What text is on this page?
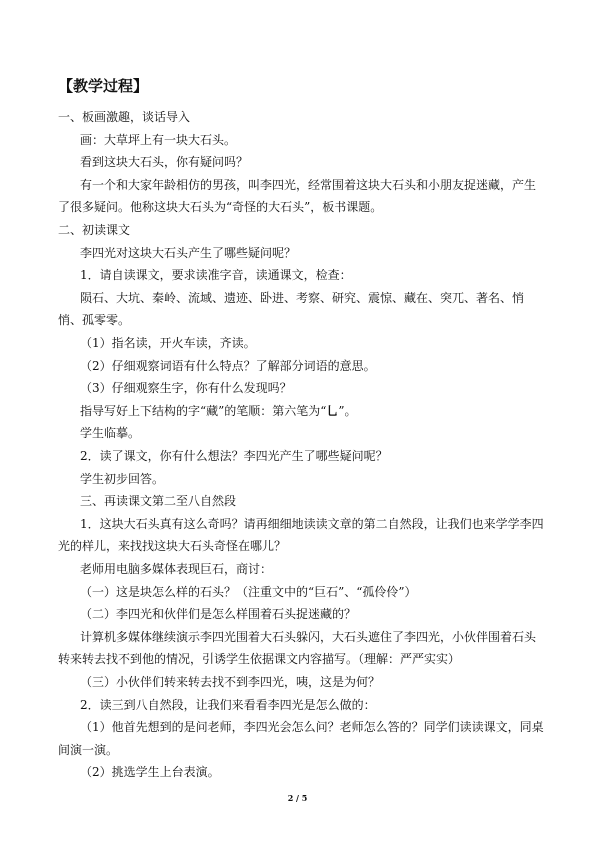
【教学过程】
一、板画激趣，谈话导入
画：大草坪上有一块大石头。
看到这块大石头，你有疑问吗？
有一个和大家年龄相仿的男孩，叫李四光，经常围着这块大石头和小朋友捉迷藏，产生
了很多疑问。他称这块大石头为“奇怪的大石头”，板书课题。
二、初读课文
李四光对这块大石头产生了哪些疑问呢？
1．请自读课文，要求读准字音，读通课文，检查：
陨石、大坑、秦岭、流域、遗迹、卧进、考察、研究、震惊、藏在、突兀、著名、悄
悄、孤零零。
（1）指名读，开火车读，齐读。
（2）仔细观察词语有什么特点？了解部分词语的意思。
（3）仔细观察生字，你有什么发现吗？
指导写好上下结构的字“藏”的笔顺：第六笔为“乚”。
学生临摹。
2．读了课文，你有什么想法？李四光产生了哪些疑问呢？
学生初步回答。
三、再读课文第二至八自然段
1．这块大石头真有这么奇吗？请再细细地读读文章的第二自然段，让我们也来学学李四
光的样儿，来找找这块大石头奇怪在哪儿？
老师用电脑多媒体表现巨石，商讨：
（一）这是块怎么样的石头？（注重文中的“巨石”、“孤伶伶”）
（二）李四光和伙伴们是怎么样围着石头捉迷藏的？
计算机多媒体继续演示李四光围着大石头躲闪，大石头遮住了李四光，小伙伴围着石头
转来转去找不到他的情况，引诱学生依据课文内容描写。（理解：严严实实）
（三）小伙伴们转来转去找不到李四光，咦，这是为何？
2．读三到八自然段，让我们来看看李四光是怎么做的：
（1）他首先想到的是问老师，李四光会怎么问？老师怎么答的？同学们读读课文，同桌
间演一演。
（2）挑选学生上台表演。
2 / 5
